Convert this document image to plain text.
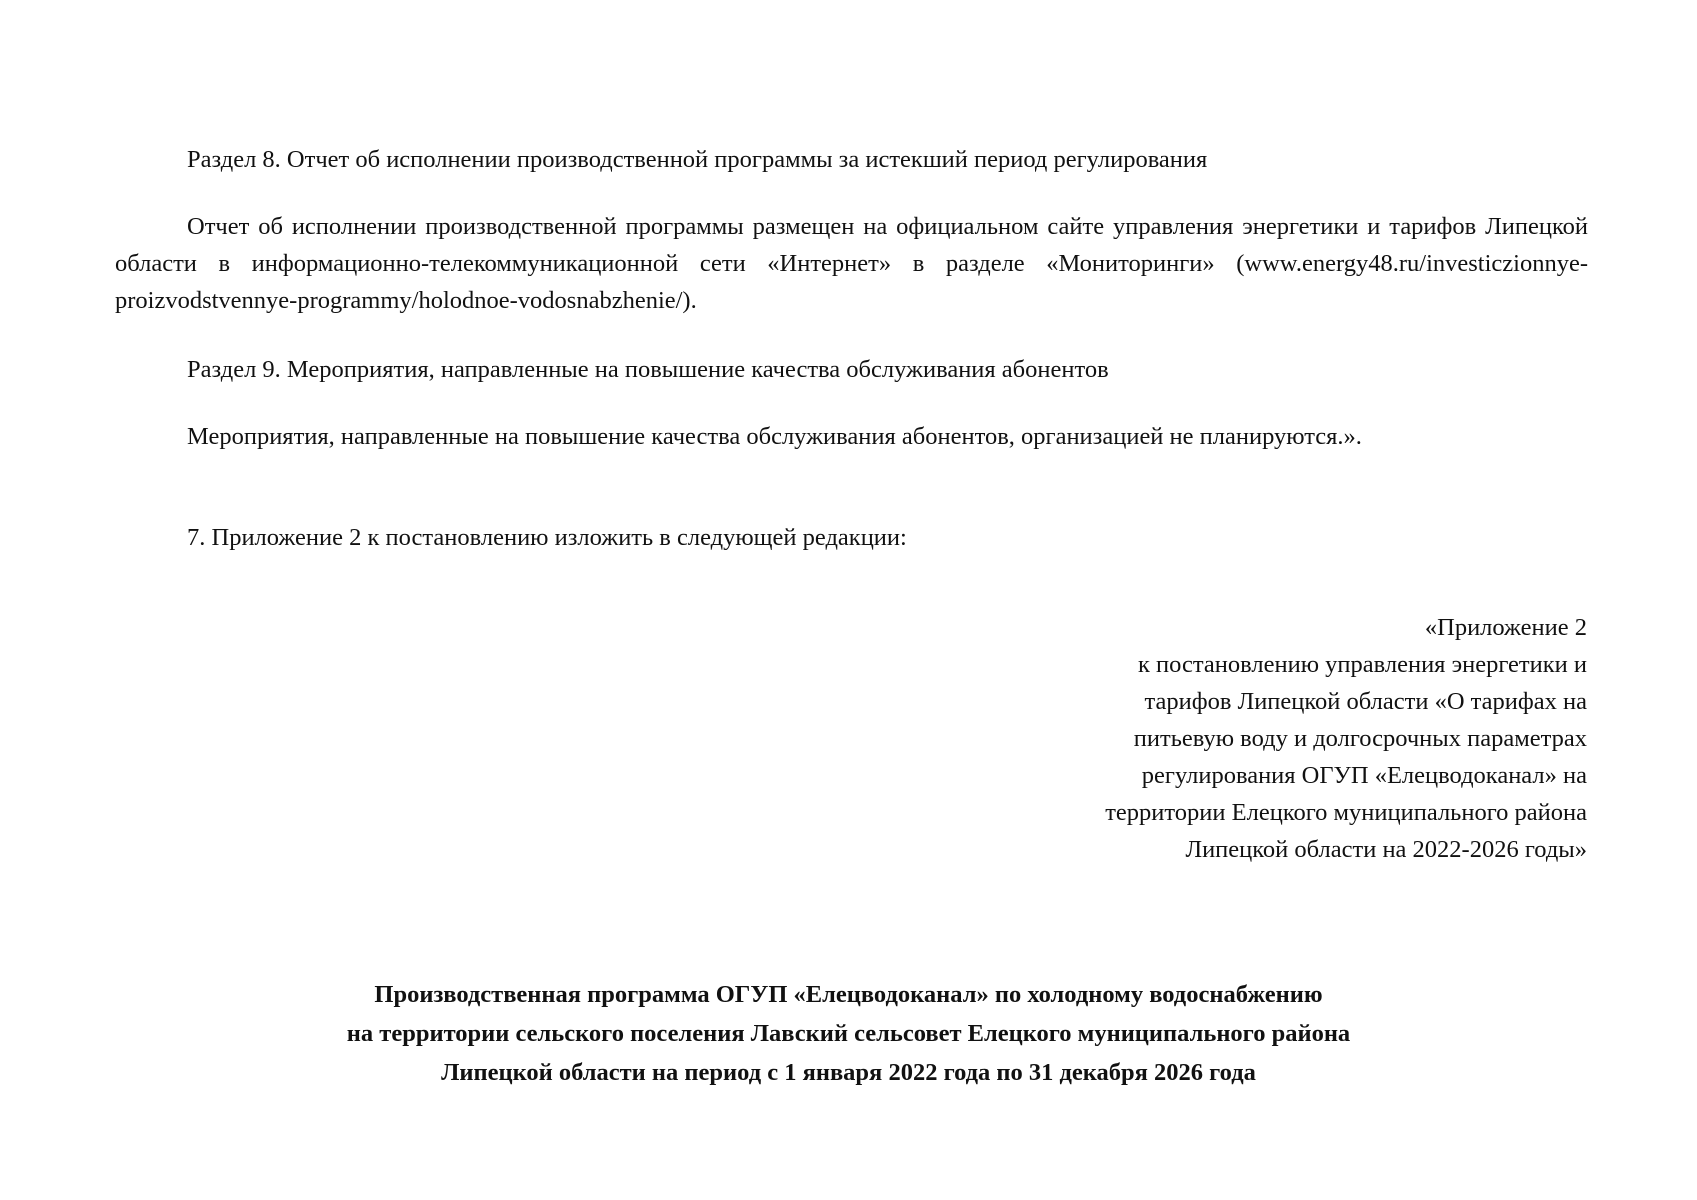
Раздел 8. Отчет об исполнении производственной программы за истекший период регулирования
Отчет об исполнении производственной программы размещен на официальном сайте управления энергетики и тарифов Липецкой области в информационно-телекоммуникационной сети «Интернет» в разделе «Мониторинги» (www.energy48.ru/investiczionnye-proizvodstvennye-programmy/holodnoe-vodosnabzhenie/).
Раздел 9. Мероприятия, направленные на повышение качества обслуживания абонентов
Мероприятия, направленные на повышение качества обслуживания абонентов, организацией не планируются.».
7. Приложение 2 к постановлению изложить в следующей редакции:
«Приложение 2
к постановлению управления энергетики и
тарифов Липецкой области «О тарифах на
питьевую воду и долгосрочных параметрах
регулирования ОГУП «Елецводоканал» на
территории Елецкого муниципального района
Липецкой области на 2022-2026 годы»
Производственная программа ОГУП «Елецводоканал» по холодному водоснабжению
на территории сельского поселения Лавский сельсовет Елецкого муниципального района
Липецкой области на период с 1 января 2022 года по 31 декабря 2026 года
